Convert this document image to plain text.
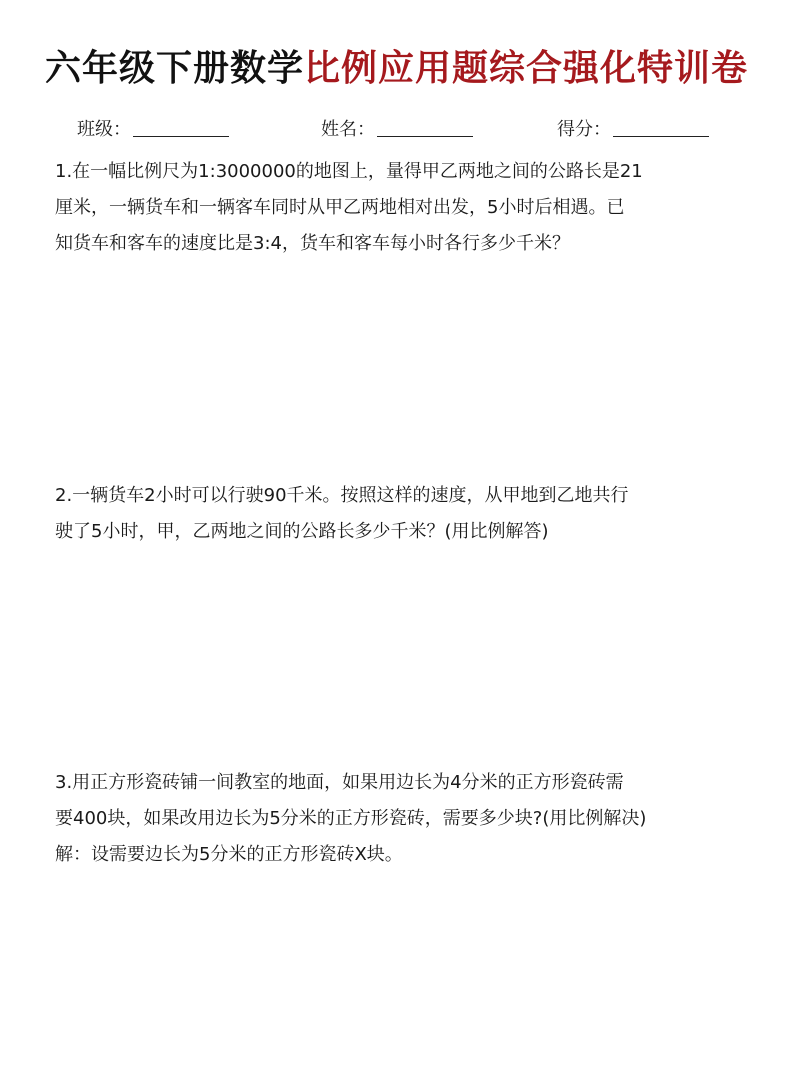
六年级下册数学比例应用题综合强化特训卷
班级：	姓名：	得分：
1.在一幅比例尺为1:3000000的地图上，量得甲乙两地之间的公路长是21
厘米，一辆货车和一辆客车同时从甲乙两地相对出发，5小时后相遇。已
知货车和客车的速度比是3:4，货车和客车每小时各行多少千米？
2.一辆货车2小时可以行驶90千米。按照这样的速度，从甲地到乙地共行
驶了5小时，甲，乙两地之间的公路长多少千米？(用比例解答)
3.用正方形瓷砖铺一间教室的地面，如果用边长为4分米的正方形瓷砖需
要400块，如果改用边长为5分米的正方形瓷砖，需要多少块?(用比例解决)
解：设需要边长为5分米的正方形瓷砖X块。
